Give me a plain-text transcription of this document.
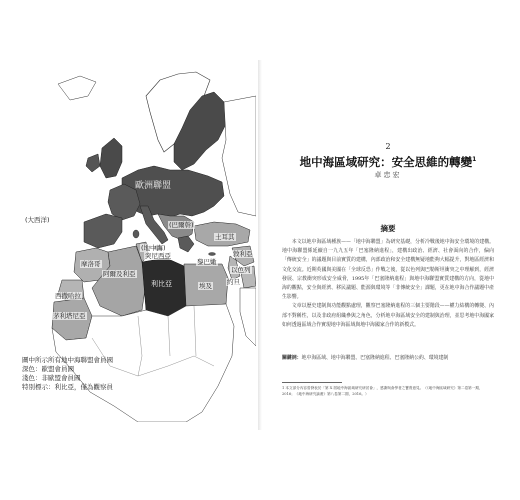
(大西洋)
歐洲聯盟
(地中海)
(巴爾幹)
土耳其
敘利亞
黎巴嫩
以色列
約旦
摩洛哥
阿爾及利亞
突尼西亞
利比亞	埃及
西撒哈拉
茅利塔尼亞
圖中所示所有地中海聯盟會員國
深色：歐盟會員國
淺色：非歐盟會員國
特別標示：利比亞，僅為觀察員
2
地中海區域研究：安全思維的轉變$^1$
卓忠宏
摘要

本文以地中海區域種族——「地中海聯盟」為研究基礎，分析冷戰後地中海安全環境的建構。地中海聯盟係延續自一九九五年「巴塞隆納進程」，建構出政治、經濟、社會面向的合作，偏向「傳統安全」的議題與目前實質的建構，內部政治和安全建構無疑地能夠大幅提升，對地區經濟和文化交流。近期英國與美國在「全球反恐」作戰之後，從以色列與巴勒斯坦衝突之中理解到，經濟發展、宗教衝突形成安全威脅，1995年「巴塞隆納進程」與地中海聯盟實質建構的方向，從地中海的觀點，安全與經濟、移民議題、能源與環境等「非傳統安全」課題，更在地中海合作議題中產生影響。

文章以歷史建制與功能觀點處理，觀察巴塞隆納進程的三個主要階段——權力結構的轉變、內部不對稱性，以及非政府組織參與之角色，分析地中海區域安全的建制與治理，並思考地中海國家如何透過區域合作實現地中海區域與地中海國家合作的新模式。

關鍵詞：地中海區域、地中海聯盟、巴塞隆納進程、巴塞隆納公約、環境建制
1 本文部分內容曾發表於「第 X 屆地中海區域研究研討會」，感謝與會學者之寶貴意見。（《地中海區域研究》第二卷第一期，2016；《地中海研究論叢》第八卷第二期，2016。）
